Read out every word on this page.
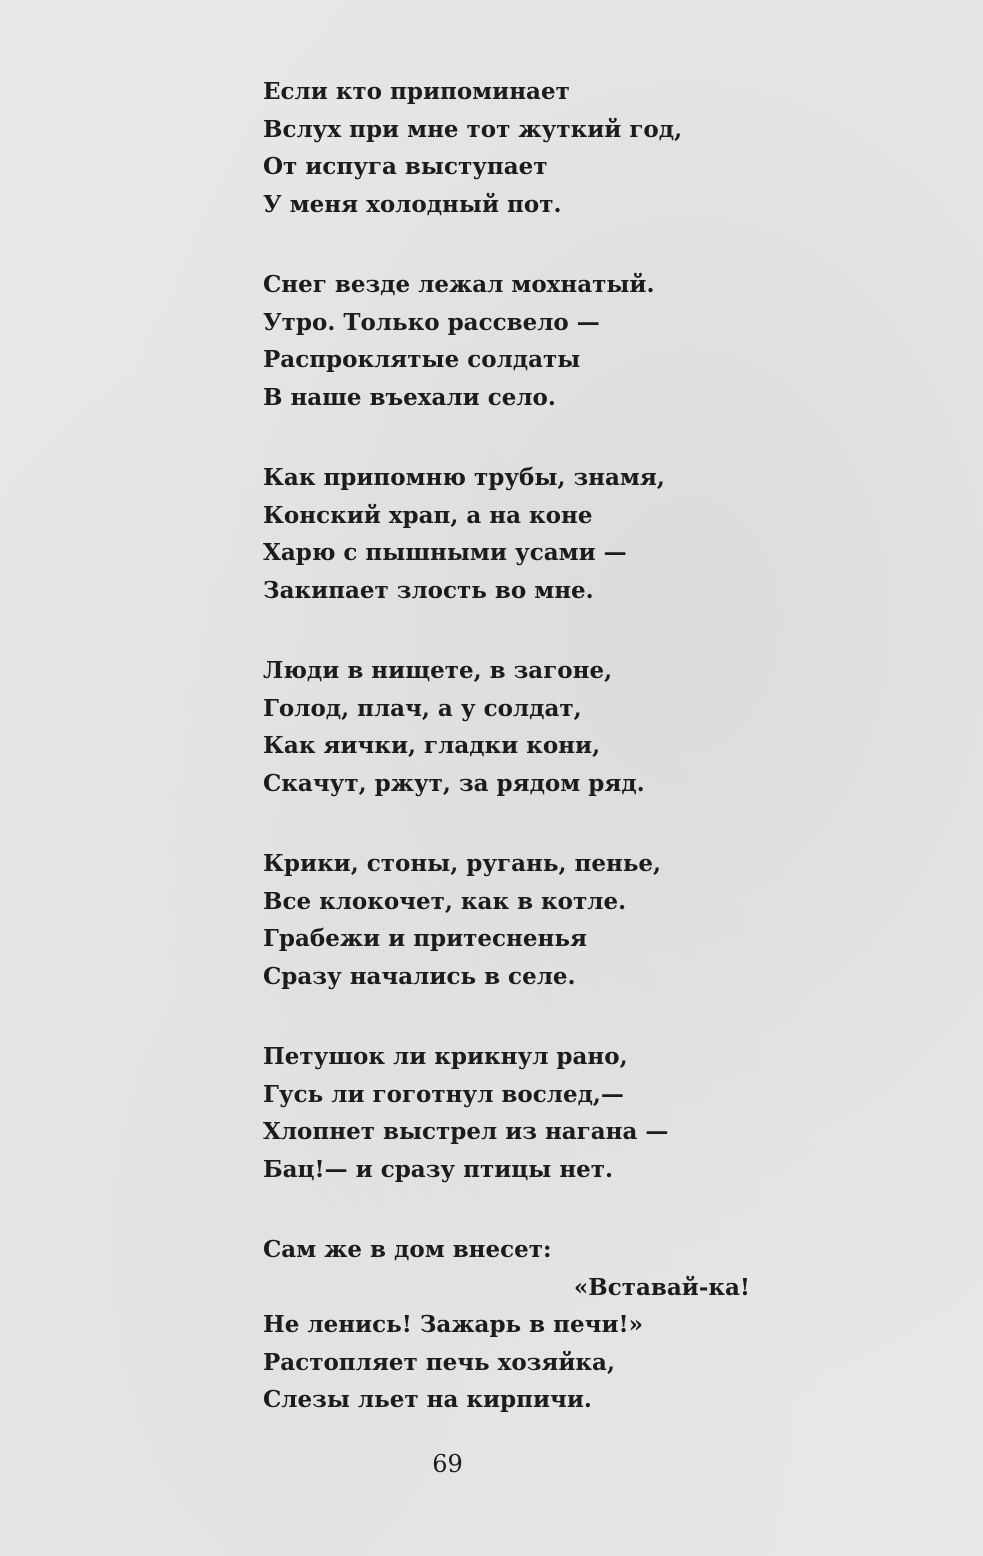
Если кто припоминает
Вслух при мне тот жуткий год,
От испуга выступает
У меня холодный пот.
Снег везде лежал мохнатый.
Утро. Только рассвело —
Распроклятые солдаты
В наше въехали село.
Как припомню трубы, знамя,
Конский храп, а на коне
Харю с пышными усами —
Закипает злость во мне.
Люди в нищете, в загоне,
Голод, плач, а у солдат,
Как яички, гладки кони,
Скачут, ржут, за рядом ряд.
Крики, стоны, ругань, пенье,
Все клокочет, как в котле.
Грабежи и притесненья
Сразу начались в селе.
Петушок ли крикнул рано,
Гусь ли гоготнул вослед,—
Хлопнет выстрел из нагана —
Бац!— и сразу птицы нет.
Сам же в дом внесет:
«Вставай-ка!
Не ленись! Зажарь в печи!»
Растопляет печь хозяйка,
Слезы льет на кирпичи.
69
